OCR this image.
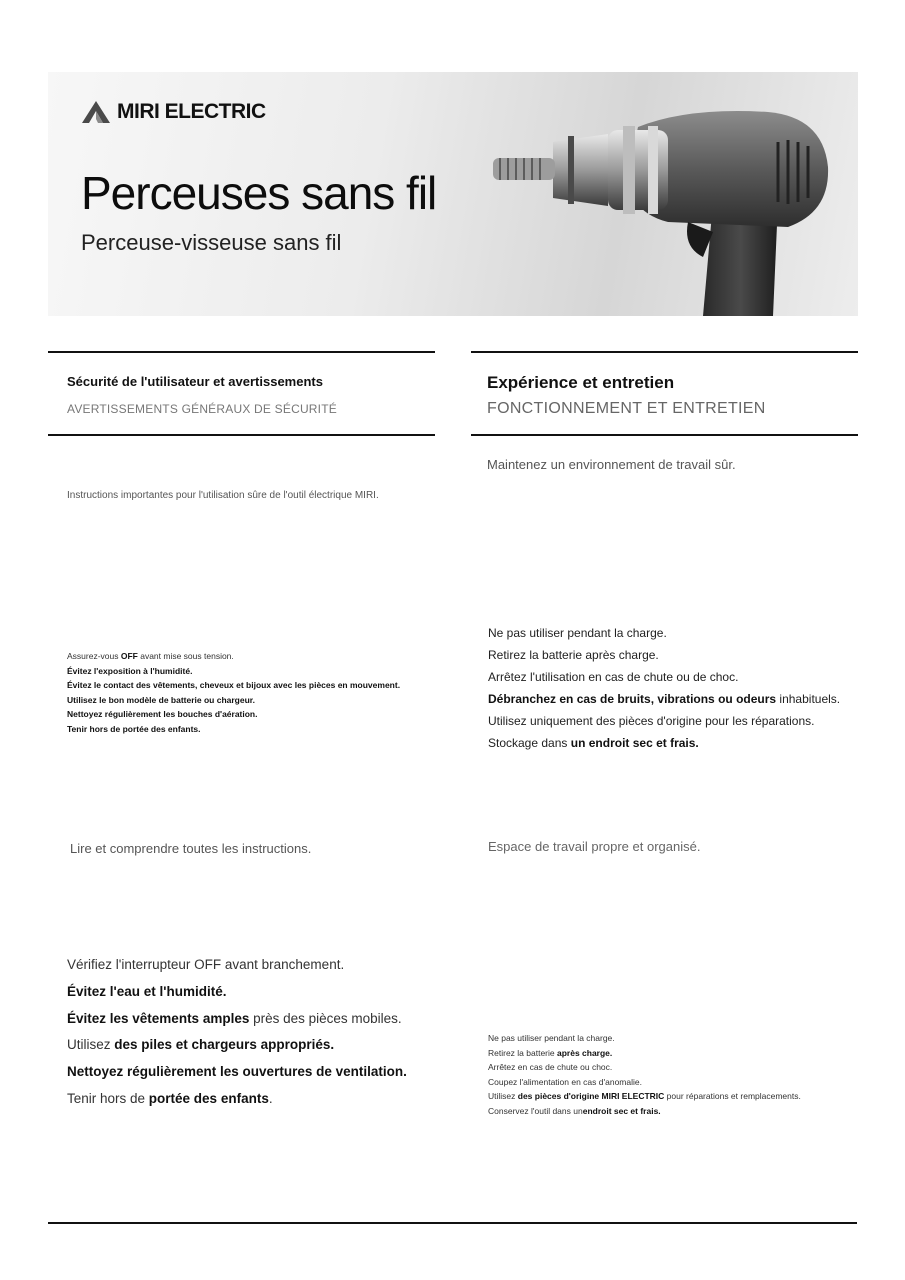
MIRI ELECTRIC
Perceuses sans fil

Perceuse-visseuse sans fil

Sécurité de l'utilisateur et avertissements
AVERTISSEMENTS GÉNÉRAUX DE SÉCURITÉ
Expérience et entretien
FONCTIONNEMENT ET ENTRETIEN
Instructions importantes pour l'utilisation sûre de l'outil électrique MIRI.
Assurez-vous OFF avant mise sous tension.
Évitez l'exposition à l'humidité.
Évitez le contact des vêtements, cheveux et bijoux avec les pièces en mouvement.
Utilisez le bon modèle de batterie ou chargeur.
Nettoyez régulièrement les bouches d'aération.
Tenir hors de portée des enfants.
Lire et comprendre toutes les instructions.
Vérifiez l'interrupteur OFF avant branchement.
Évitez l'eau et l'humidité.
Évitez les vêtements amples près des pièces mobiles.
Utilisez des piles et chargeurs appropriés.
Nettoyez régulièrement les ouvertures de ventilation.
Tenir hors de portée des enfants.
Maintenez un environnement de travail sûr.
Ne pas utiliser pendant la charge.
Retirez la batterie après charge.
Arrêtez l'utilisation en cas de chute ou de choc.
Débranchez en cas de bruits, vibrations ou odeurs inhabituels.
Utilisez uniquement des pièces d'origine pour les réparations.
Stockage dans un endroit sec et frais.
Espace de travail propre et organisé.
Ne pas utiliser pendant la charge.
Retirez la batterie après charge.
Arrêtez en cas de chute ou choc.
Coupez l'alimentation en cas d'anomalie.
Utilisez des pièces d'origine MIRI ELECTRIC pour réparations et remplacements.
Conservez l'outil dans unendroit sec et frais.
